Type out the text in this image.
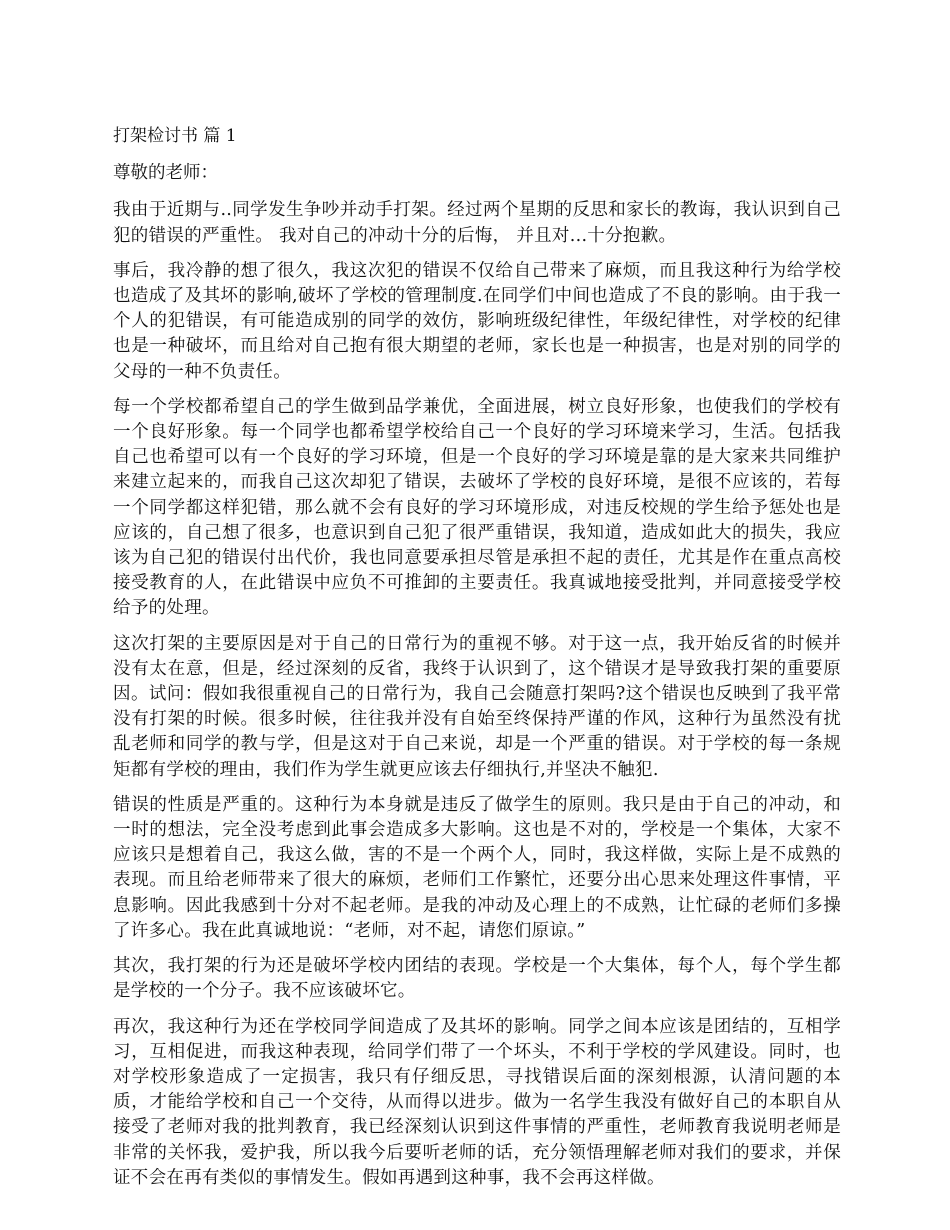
打架检讨书 篇 1

尊敬的老师：

我由于近期与..同学发生争吵并动手打架。经过两个星期的反思和家长的教诲，我认识到自己犯的错误的严重性。 我对自己的冲动十分的后悔， 并且对...十分抱歉。

事后，我冷静的想了很久，我这次犯的错误不仅给自己带来了麻烦，而且我这种行为给学校也造成了及其坏的影响,破坏了学校的管理制度.在同学们中间也造成了不良的影响。由于我一个人的犯错误，有可能造成别的同学的效仿，影响班级纪律性，年级纪律性，对学校的纪律也是一种破坏，而且给对自己抱有很大期望的老师，家长也是一种损害，也是对别的同学的父母的一种不负责任。

每一个学校都希望自己的学生做到品学兼优，全面进展，树立良好形象，也使我们的学校有一个良好形象。每一个同学也都希望学校给自己一个良好的学习环境来学习，生活。包括我自己也希望可以有一个良好的学习环境，但是一个良好的学习环境是靠的是大家来共同维护来建立起来的，而我自己这次却犯了错误，去破坏了学校的良好环境，是很不应该的，若每一个同学都这样犯错，那么就不会有良好的学习环境形成，对违反校规的学生给予惩处也是应该的，自己想了很多，也意识到自己犯了很严重错误，我知道，造成如此大的损失，我应该为自己犯的错误付出代价，我也同意要承担尽管是承担不起的责任，尤其是作在重点高校接受教育的人，在此错误中应负不可推卸的主要责任。我真诚地接受批判，并同意接受学校给予的处理。

这次打架的主要原因是对于自己的日常行为的重视不够。对于这一点，我开始反省的时候并没有太在意，但是，经过深刻的反省，我终于认识到了，这个错误才是导致我打架的重要原因。试问：假如我很重视自己的日常行为，我自己会随意打架吗?这个错误也反映到了我平常没有打架的时候。很多时候，往往我并没有自始至终保持严谨的作风，这种行为虽然没有扰乱老师和同学的教与学，但是这对于自己来说，却是一个严重的错误。对于学校的每一条规矩都有学校的理由，我们作为学生就更应该去仔细执行,并坚决不触犯.

错误的性质是严重的。这种行为本身就是违反了做学生的原则。我只是由于自己的冲动，和一时的想法，完全没考虑到此事会造成多大影响。这也是不对的，学校是一个集体，大家不应该只是想着自己，我这么做，害的不是一个两个人，同时，我这样做，实际上是不成熟的表现。而且给老师带来了很大的麻烦，老师们工作繁忙，还要分出心思来处理这件事情，平息影响。因此我感到十分对不起老师。是我的冲动及心理上的不成熟，让忙碌的老师们多操了许多心。我在此真诚地说：“老师，对不起，请您们原谅。”

其次，我打架的行为还是破坏学校内团结的表现。学校是一个大集体，每个人，每个学生都是学校的一个分子。我不应该破坏它。

再次，我这种行为还在学校同学间造成了及其坏的影响。同学之间本应该是团结的，互相学习，互相促进，而我这种表现，给同学们带了一个坏头，不利于学校的学风建设。同时，也对学校形象造成了一定损害，我只有仔细反思，寻找错误后面的深刻根源，认清问题的本质，才能给学校和自己一个交待，从而得以进步。做为一名学生我没有做好自己的本职自从接受了老师对我的批判教育，我已经深刻认识到这件事情的严重性，老师教育我说明老师是非常的关怀我，爱护我，所以我今后要听老师的话，充分领悟理解老师对我们的要求，并保证不会在再有类似的事情发生。假如再遇到这种事，我不会再这样做。
